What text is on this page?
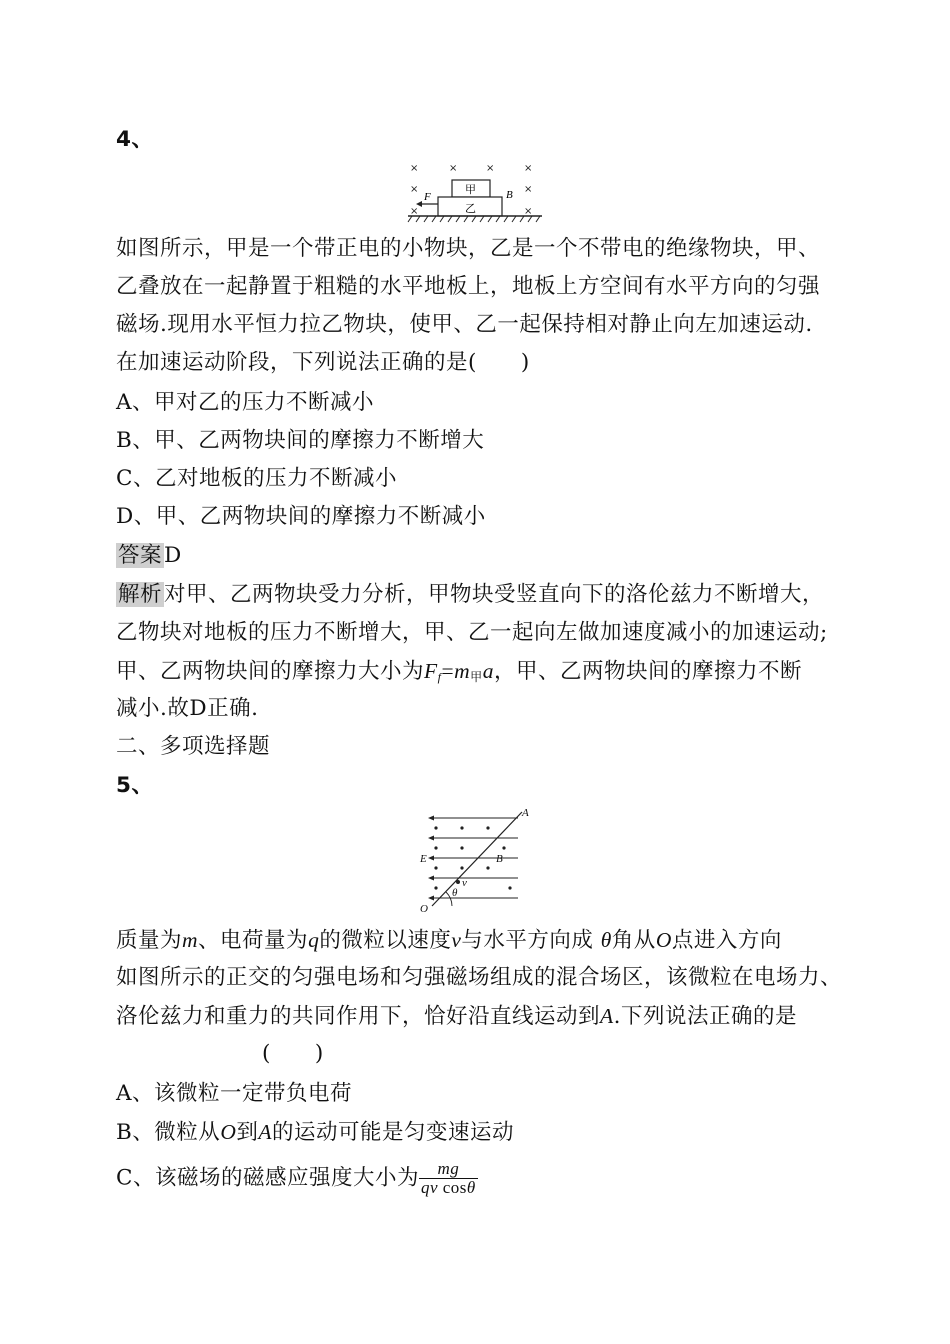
4、
×	×	×	×
×	×
×	×
F	B
甲
乙
如图所示，甲是一个带正电的小物块，乙是一个不带电的绝缘物块，甲、
乙叠放在一起静置于粗糙的水平地板上，地板上方空间有水平方向的匀强
磁场.现用水平恒力拉乙物块，使甲、乙一起保持相对静止向左加速运动.
在加速运动阶段，下列说法正确的是(　　)
A、甲对乙的压力不断减小
B、甲、乙两物块间的摩擦力不断增大
C、乙对地板的压力不断减小
D、甲、乙两物块间的摩擦力不断减小
答案D
解析对甲、乙两物块受力分析，甲物块受竖直向下的洛伦兹力不断增大，
乙物块对地板的压力不断增大，甲、乙一起向左做加速度减小的加速运动;
甲、乙两物块间的摩擦力大小为$F_f=m_甲a$，甲、乙两物块间的摩擦力不断
减小.故D正确.
二、多项选择题
5、
A
E	B
v
θ
O
质量为m、电荷量为q的微粒以速度v与水平方向成 θ角从O点进入方向
如图所示的正交的匀强电场和匀强磁场组成的混合场区，该微粒在电场力、
洛伦兹力和重力的共同作用下，恰好沿直线运动到A.下列说法正确的是
(　　)
A、该微粒一定带负电荷
B、微粒从O到A的运动可能是匀变速运动
C、该磁场的磁感应强度大小为 $\frac{mg}{\text{qv cosθ}}$
